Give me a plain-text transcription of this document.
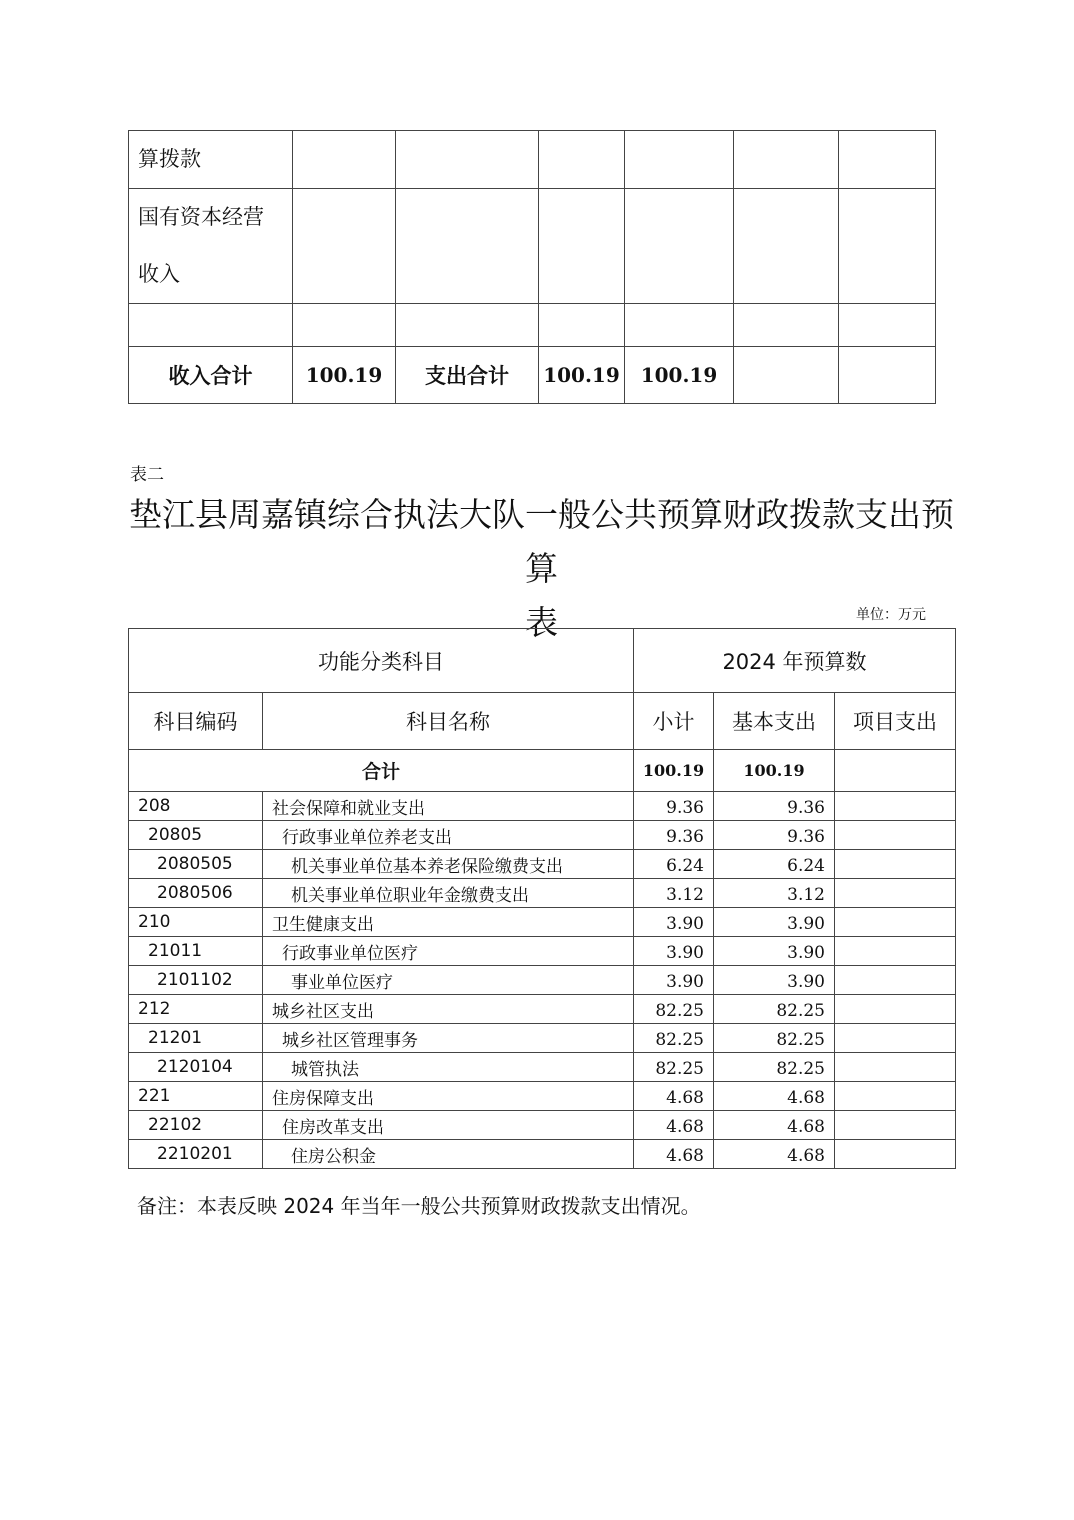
算拨款						

国有资本经营
收入						

收入合计	100.19	支出合计	100.19	100.19		
表二
垫江县周嘉镇综合执法大队一般公共预算财政拨款支出预算
表	单位：万元
功能分类科目		2024 年预算数		
科目编码	科目名称	小计	基本支出	项目支出
合计		100.19	100.19	
208	社会保障和就业支出	9.36	9.36	
20805	行政事业单位养老支出	9.36	9.36	
2080505	机关事业单位基本养老保险缴费支出	6.24	6.24	
2080506	机关事业单位职业年金缴费支出	3.12	3.12	
210	卫生健康支出	3.90	3.90	
21011	行政事业单位医疗	3.90	3.90	
2101102	事业单位医疗	3.90	3.90	
212	城乡社区支出	82.25	82.25	
21201	城乡社区管理事务	82.25	82.25	
2120104	城管执法	82.25	82.25	
221	住房保障支出	4.68	4.68	
22102	住房改革支出	4.68	4.68	
2210201	住房公积金	4.68	4.68	
备注：本表反映 2024 年当年一般公共预算财政拨款支出情况。
